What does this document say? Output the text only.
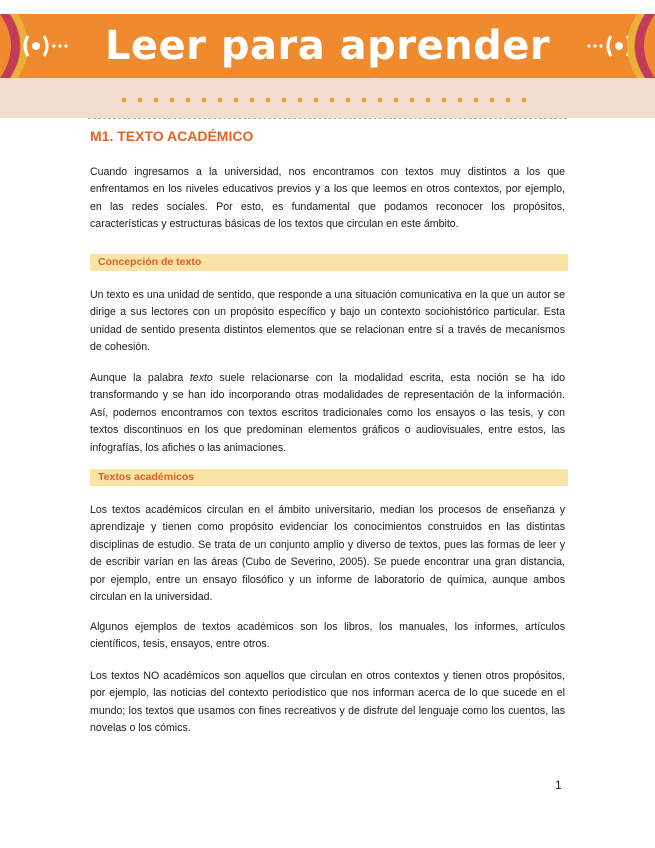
Leer para aprender
M1. TEXTO ACADÉMICO

Cuando ingresamos a la universidad, nos encontramos con textos muy distintos a los que enfrentamos en los niveles educativos previos y a los que leemos en otros contextos, por ejemplo, en las redes sociales. Por esto, es fundamental que podamos reconocer los propósitos, características y estructuras básicas de los textos que circulan en este ámbito.

Concepción de texto

Un texto es una unidad de sentido, que responde a una situación comunicativa en la que un autor se dirige a sus lectores con un propósito específico y bajo un contexto sociohistórico particular. Esta unidad de sentido presenta distintos elementos que se relacionan entre sí a través de mecanismos de cohesión.

Aunque la palabra texto suele relacionarse con la modalidad escrita, esta noción se ha ido transformando y se han ido incorporando otras modalidades de representación de la información. Así, podemos encontramos con textos escritos tradicionales como los ensayos o las tesis, y con textos discontinuos en los que predominan elementos gráficos o audiovisuales, entre estos, las infografías, los afiches o las animaciones.

Textos académicos

Los textos académicos circulan en el ámbito universitario, median los procesos de enseñanza y aprendizaje y tienen como propósito evidenciar los conocimientos construidos en las distintas disciplinas de estudio. Se trata de un conjunto amplio y diverso de textos, pues las formas de leer y de escribir varían en las áreas (Cubo de Severino, 2005). Se puede encontrar una gran distancia, por ejemplo, entre un ensayo filosófico y un informe de laboratorio de química, aunque ambos circulan en la universidad.

Algunos ejemplos de textos académicos son los libros, los manuales, los informes, artículos científicos, tesis, ensayos, entre otros.

Los textos NO académicos son aquellos que circulan en otros contextos y tienen otros propósitos, por ejemplo, las noticias del contexto periodístico que nos informan acerca de lo que sucede en el mundo; los textos que usamos con fines recreativos y de disfrute del lenguaje como los cuentos, las novelas o los cómics.

1
